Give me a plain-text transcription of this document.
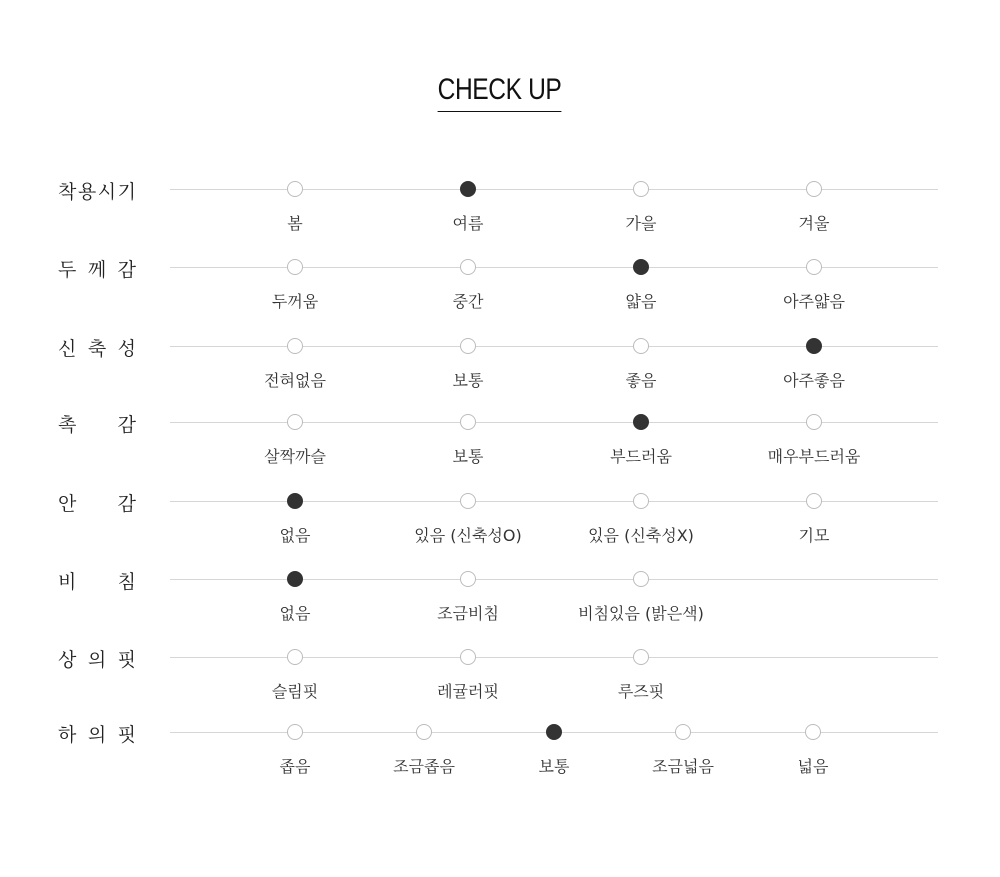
CHECK UP
착 용 시 기
봄	여름	가을	겨울
두 께 감
두꺼움	중간	얇음	아주얇음
신 축 성
전혀없음	보통	좋음	아주좋음
촉 감
살짝까슬	보통	부드러움	매우부드러움
안 감
없음	있음 (신축성O)	있음 (신축성X)	기모
비 침
없음	조금비침	비침있음 (밝은색)
상 의 핏
슬림핏	레귤러핏	루즈핏
하 의 핏
좁음	조금좁음	보통	조금넓음	넓음
